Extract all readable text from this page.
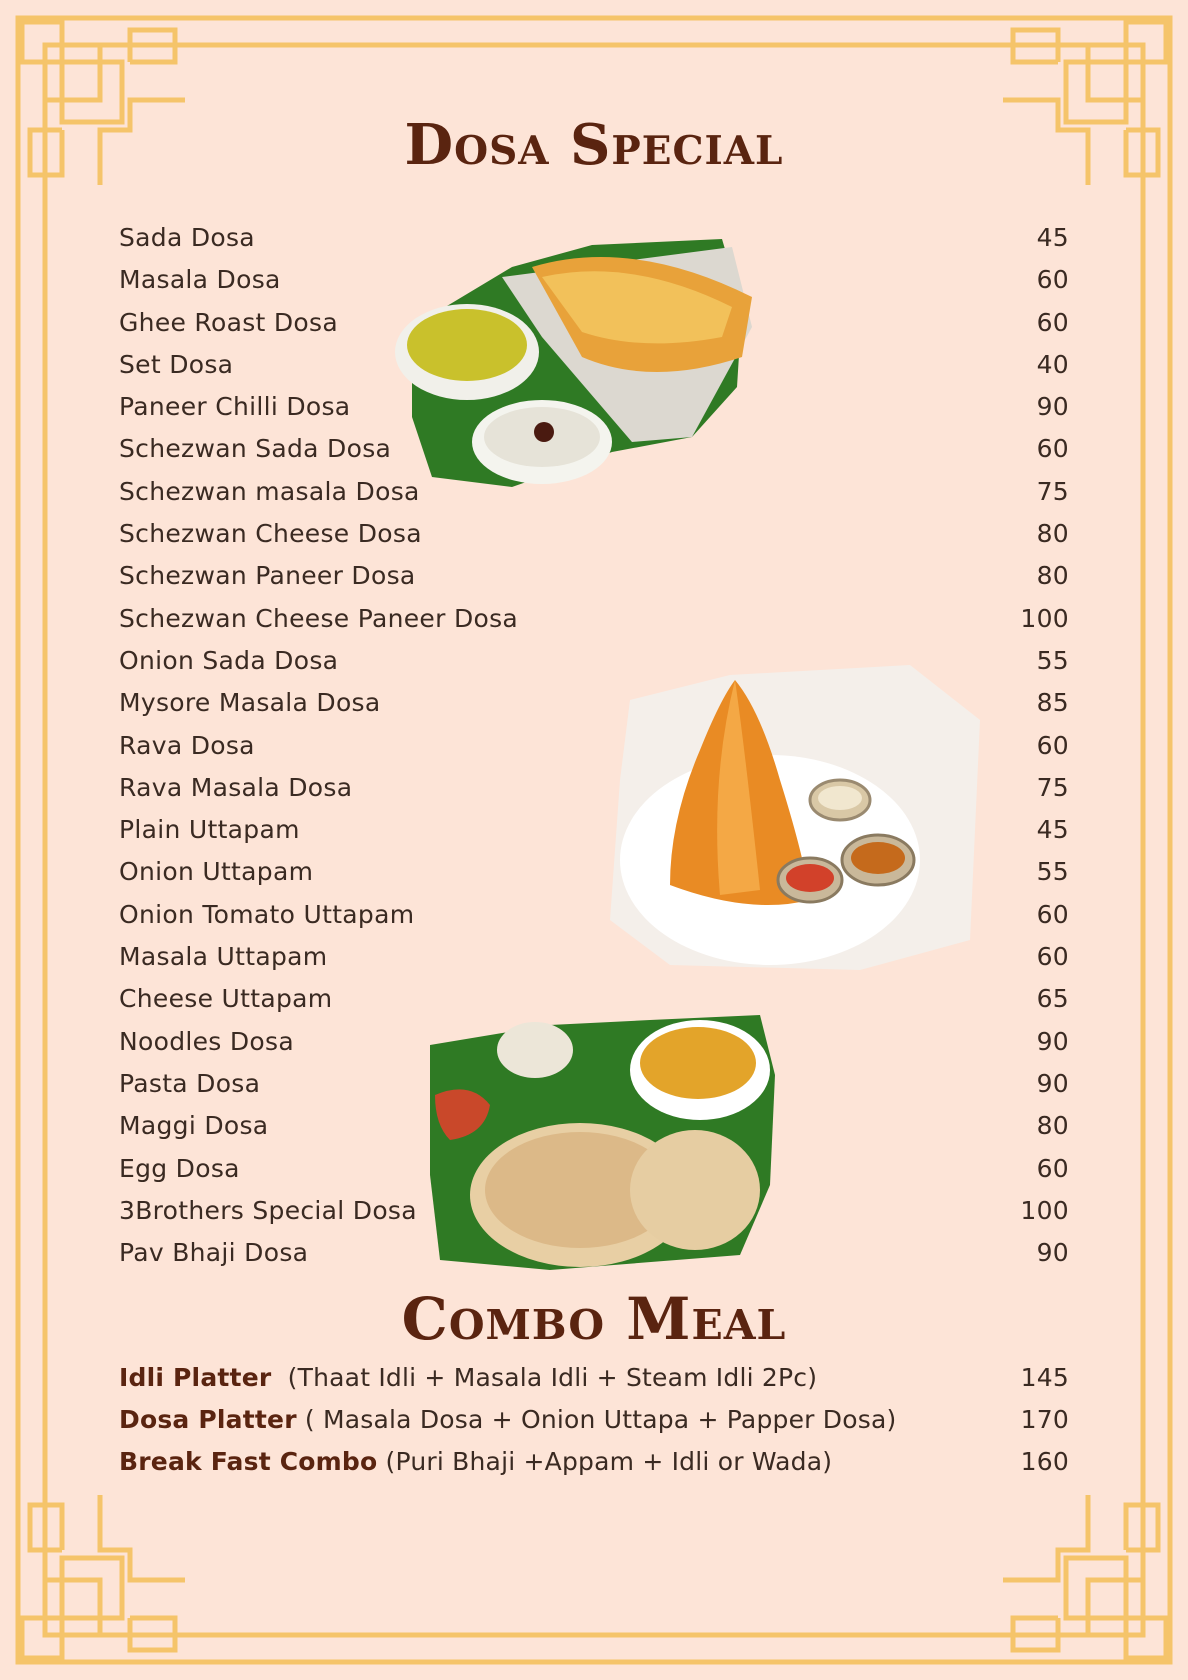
Dosa Special
Sada Dosa	45
Masala Dosa	60
Ghee Roast Dosa	60
Set Dosa	40
Paneer Chilli Dosa	90
Schezwan Sada Dosa	60
Schezwan masala Dosa	75
Schezwan Cheese Dosa	80
Schezwan Paneer Dosa	80
Schezwan Cheese Paneer Dosa	100
Onion Sada Dosa	55
Mysore Masala Dosa	85
Rava Dosa	60
Rava Masala Dosa	75
Plain Uttapam	45
Onion Uttapam	55
Onion Tomato Uttapam	60
Masala Uttapam	60
Cheese Uttapam	65
Noodles Dosa	90
Pasta Dosa	90
Maggi Dosa	80
Egg Dosa	60
3Brothers Special Dosa	100
Pav Bhaji Dosa	90
Combo Meal
Idli Platter  (Thaat Idli + Masala Idli + Steam Idli 2Pc)	145
Dosa Platter ( Masala Dosa + Onion Uttapa + Papper Dosa)	170
Break Fast Combo (Puri Bhaji +Appam + Idli or Wada)	160
